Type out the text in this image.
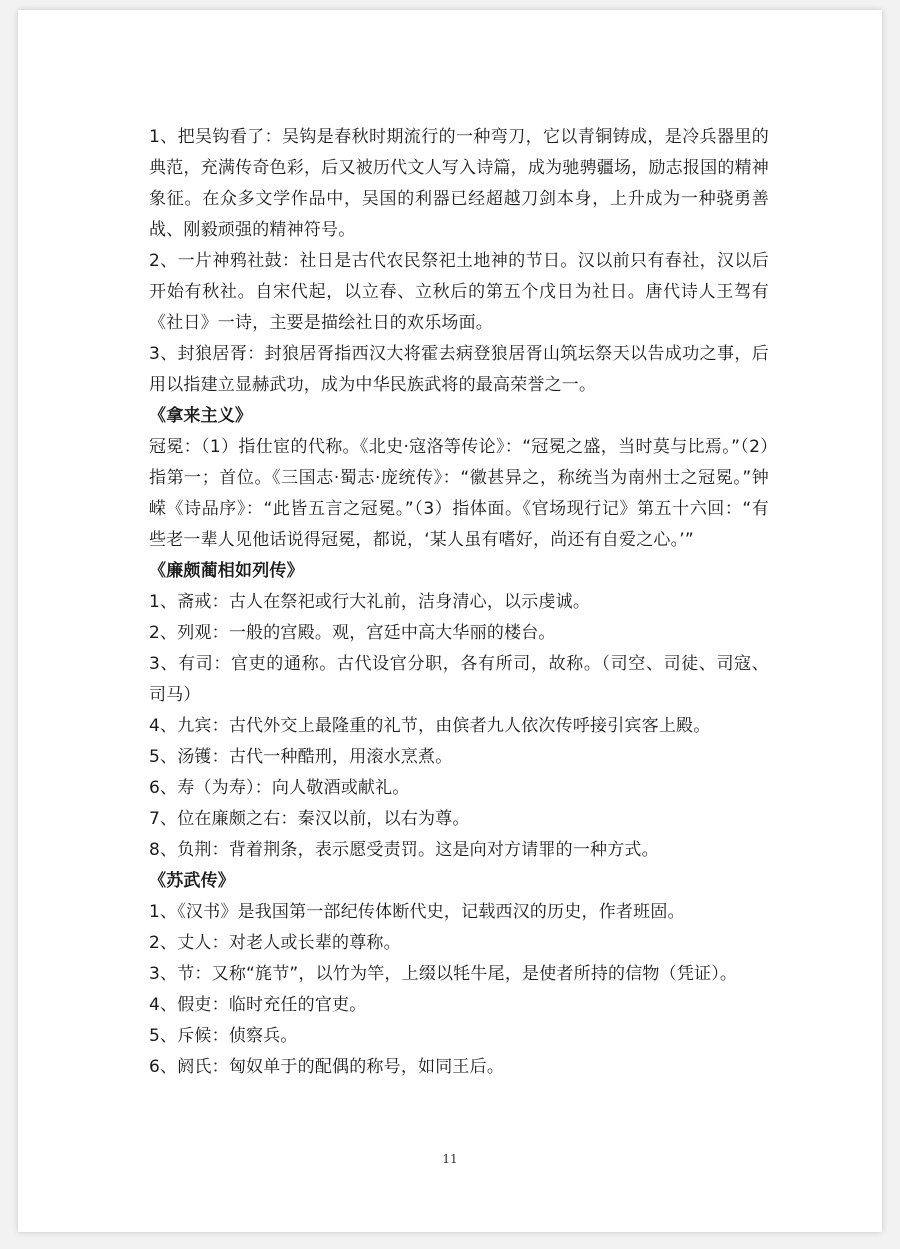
1、把吴钩看了：吴钩是春秋时期流行的一种弯刀，它以青铜铸成，是冷兵器里的典范，充满传奇色彩，后又被历代文人写入诗篇，成为驰骋疆场，励志报国的精神象征。在众多文学作品中，吴国的利器已经超越刀剑本身，上升成为一种骁勇善战、刚毅顽强的精神符号。

2、一片神鸦社鼓：社日是古代农民祭祀土地神的节日。汉以前只有春社，汉以后开始有秋社。自宋代起，以立春、立秋后的第五个戊日为社日。唐代诗人王驾有《社日》一诗，主要是描绘社日的欢乐场面。

3、封狼居胥：封狼居胥指西汉大将霍去病登狼居胥山筑坛祭天以告成功之事，后用以指建立显赫武功，成为中华民族武将的最高荣誉之一。

《拿来主义》

冠冕：（1）指仕宦的代称。《北史·寇洛等传论》：“冠冕之盛，当时莫与比焉。”（2）指第一；首位。《三国志·蜀志·庞统传》：“徽甚异之，称统当为南州士之冠冕。”钟嵘《诗品序》：“此皆五言之冠冕。”（3）指体面。《官场现行记》第五十六回：“有些老一辈人见他话说得冠冕，都说，‘某人虽有嗜好，尚还有自爱之心。’”

《廉颇蔺相如列传》

1、斋戒：古人在祭祀或行大礼前，洁身清心，以示虔诚。

2、列观：一般的宫殿。观，宫廷中高大华丽的楼台。

3、有司：官吏的通称。古代设官分职，各有所司，故称。（司空、司徒、司寇、司马）

4、九宾：古代外交上最隆重的礼节，由傧者九人依次传呼接引宾客上殿。

5、汤镬：古代一种酷刑，用滚水烹煮。

6、寿（为寿）：向人敬酒或献礼。

7、位在廉颇之右：秦汉以前，以右为尊。

8、负荆：背着荆条，表示愿受责罚。这是向对方请罪的一种方式。

《苏武传》

1、《汉书》是我国第一部纪传体断代史，记载西汉的历史，作者班固。

2、丈人：对老人或长辈的尊称。

3、节：又称“旄节”，以竹为竿，上缀以牦牛尾，是使者所持的信物（凭证）。

4、假吏：临时充任的官吏。

5、斥候：侦察兵。

6、阏氏：匈奴单于的配偶的称号，如同王后。

11
